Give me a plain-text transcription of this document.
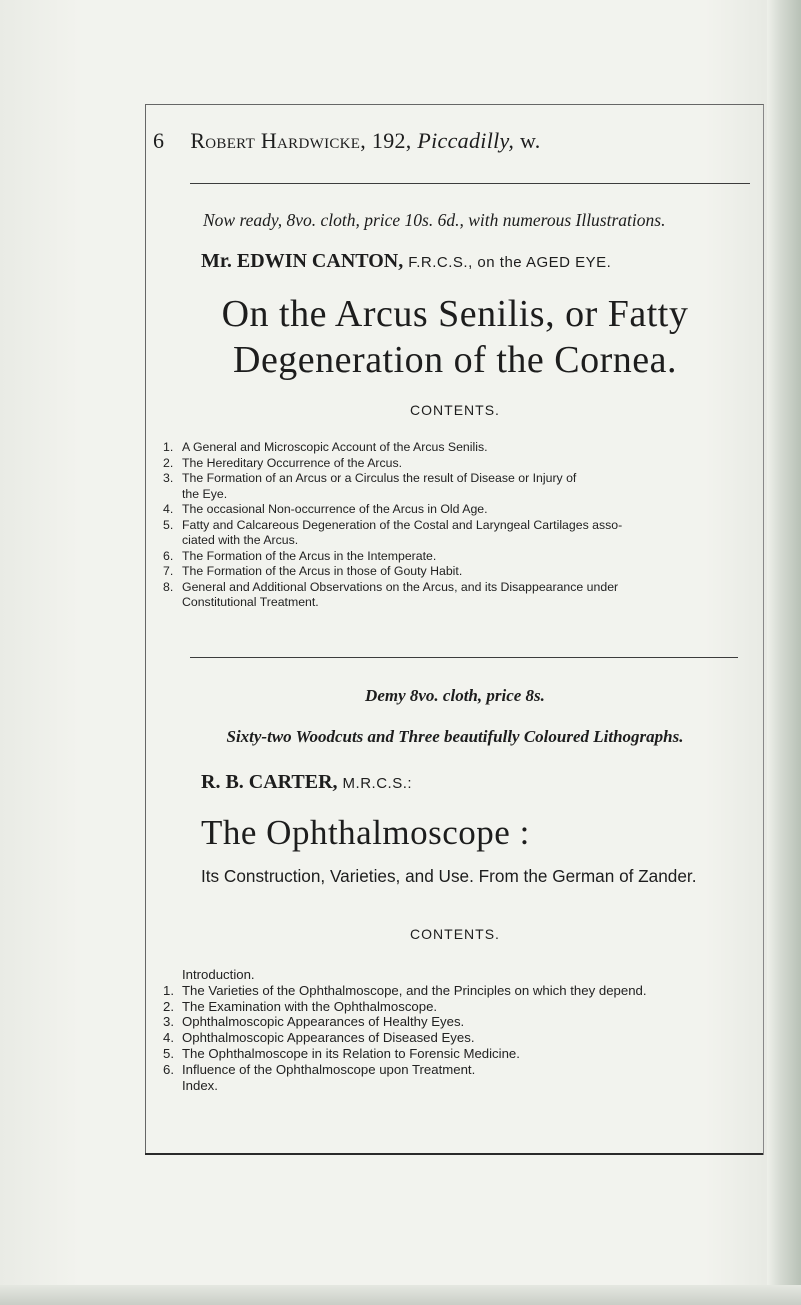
6 Robert Hardwicke, 192, Piccadilly, w.
Now ready, 8vo. cloth, price 10s. 6d., with numerous Illustrations.
Mr. EDWIN CANTON, F.R.C.S., on the AGED EYE.
On the Arcus Senilis, or Fatty
Degeneration of the Cornea.
CONTENTS.
1. A General and Microscopic Account of the Arcus Senilis.
2. The Hereditary Occurrence of the Arcus.
3. The Formation of an Arcus or a Circulus the result of Disease or Injury of
the Eye.
4. The occasional Non-occurrence of the Arcus in Old Age.
5. Fatty and Calcareous Degeneration of the Costal and Laryngeal Cartilages asso-
ciated with the Arcus.
6. The Formation of the Arcus in the Intemperate.
7. The Formation of the Arcus in those of Gouty Habit.
8. General and Additional Observations on the Arcus, and its Disappearance under
Constitutional Treatment.
Demy 8vo. cloth, price 8s.
Sixty-two Woodcuts and Three beautifully Coloured Lithographs.
R. B. CARTER, M.R.C.S.:
The Ophthalmoscope :
Its Construction, Varieties, and Use. From the German of Zander.
CONTENTS.
Introduction.
1. The Varieties of the Ophthalmoscope, and the Principles on which they depend.
2. The Examination with the Ophthalmoscope.
3. Ophthalmoscopic Appearances of Healthy Eyes.
4. Ophthalmoscopic Appearances of Diseased Eyes.
5. The Ophthalmoscope in its Relation to Forensic Medicine.
6. Influence of the Ophthalmoscope upon Treatment.
Index.
